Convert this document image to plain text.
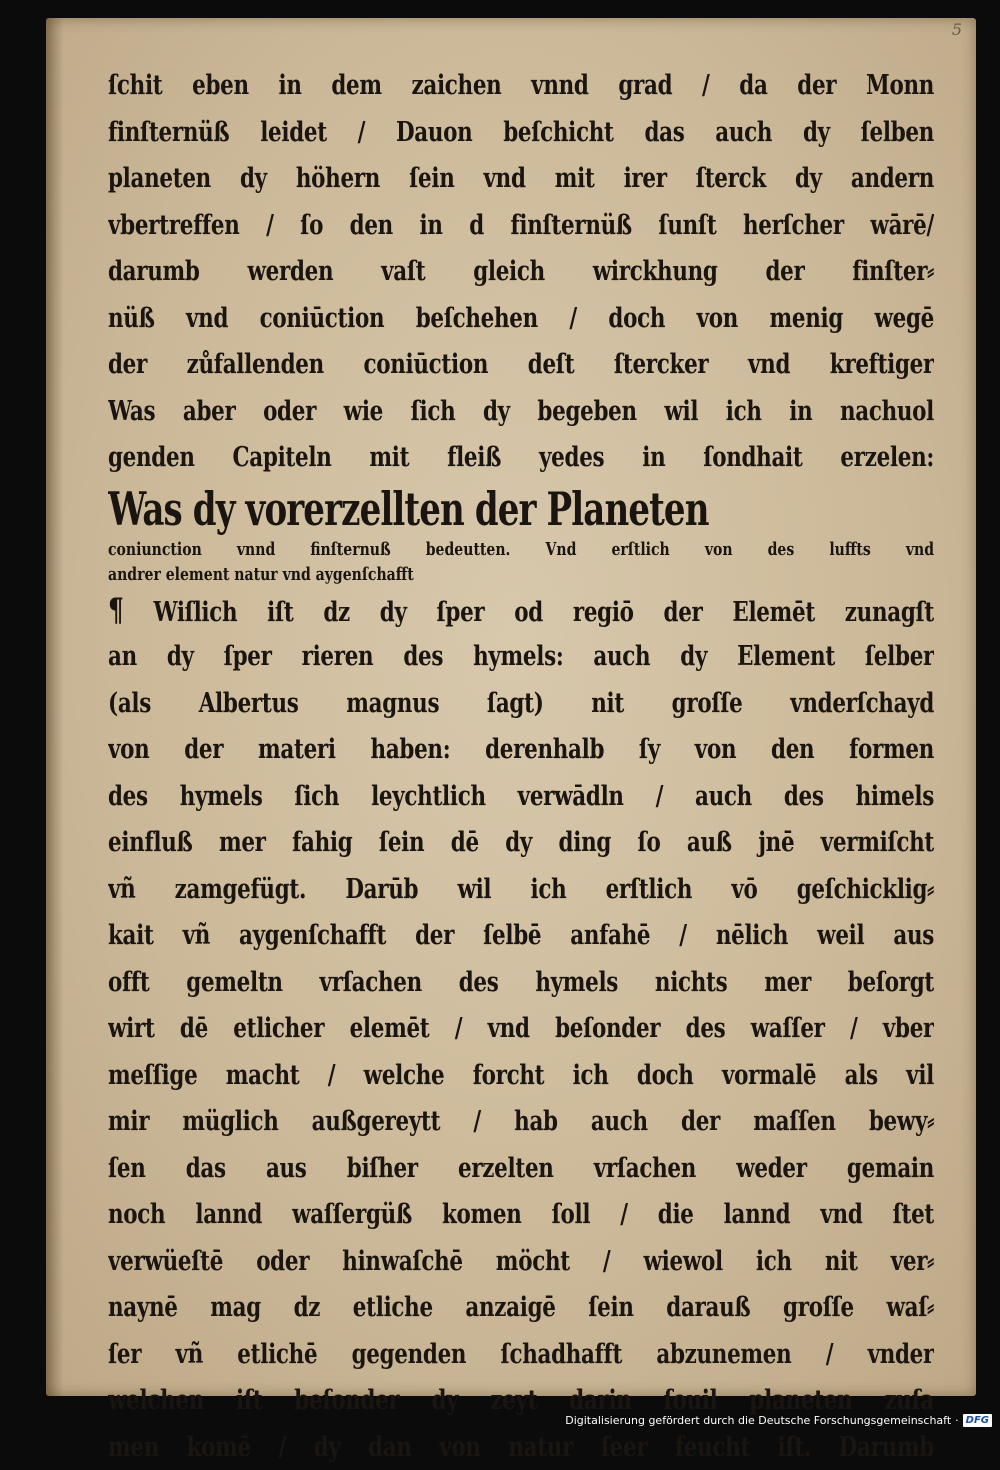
5
ſchit eben in dem zaichen vnnd grad / da der Monn
finſternüß leidet / Dauon beſchicht das auch dy ſelben
planeten dy höhern ſein vnd mit irer ſterck dy andern
vbertreffen / ſo den in d finſternüß ſunſt herſcher wārē/
darumb werden vaſt gleich wirckhung der finſter⸗
nüß vnd coniūction beſchehen / doch von menig wegē
der zůfallenden coniūction deſt ſtercker vnd kreftiger
Was aber oder wie ſich dy begeben wil ich in nachuol
genden Capiteln mit fleiß yedes in ſondhait erzelen:
Was dy vorerzellten der Planeten
coniunction vnnd finſternuß bedeutten. Vnd erſtlich von des luffts vnd
andrer element natur vnd aygenſchafft
¶ Wiſlich iſt dz dy ſper od regiō der Elemēt zunagſt
an dy ſper rieren des hymels: auch dy Element ſelber
(als Albertus magnus ſagt) nit groſſe vnderſchayd
von der materi haben: derenhalb ſy von den formen
des hymels ſich leychtlich verwādln / auch des himels
einfluß mer fahig ſein dē dy ding ſo auß jnē vermiſcht
vñ zamgefügt. Darūb wil ich erſtlich vō geſchicklig⸗
kait vñ aygenſchafft der ſelbē anfahē / nēlich weil aus
offt gemeltn vrſachen des hymels nichts mer beſorgt
wirt dē etlicher elemēt / vnd beſonder des waſſer / vber
meſſige macht / welche forcht ich doch vormalē als vil
mir müglich außgereytt / hab auch der maſſen bewy⸗
ſen das aus biſher erzelten vrſachen weder gemain
noch lannd waſſergüß komen ſoll / die lannd vnd ſtet
verwüeſtē oder hinwaſchē möcht / wiewol ich nit ver⸗
naynē mag dz etliche anzaigē ſein darauß groſſe waſ⸗
ſer vñ etlichē gegenden ſchadhafft abzunemen / vnder
welchen iſt beſonder dy zeyt darin ſouil planeten zuſa
men komē / dy dan von natur ſeer feucht iſt. Darumb
Digitalisierung gefördert durch die Deutsche Forschungsgemeinschaft · DFG
